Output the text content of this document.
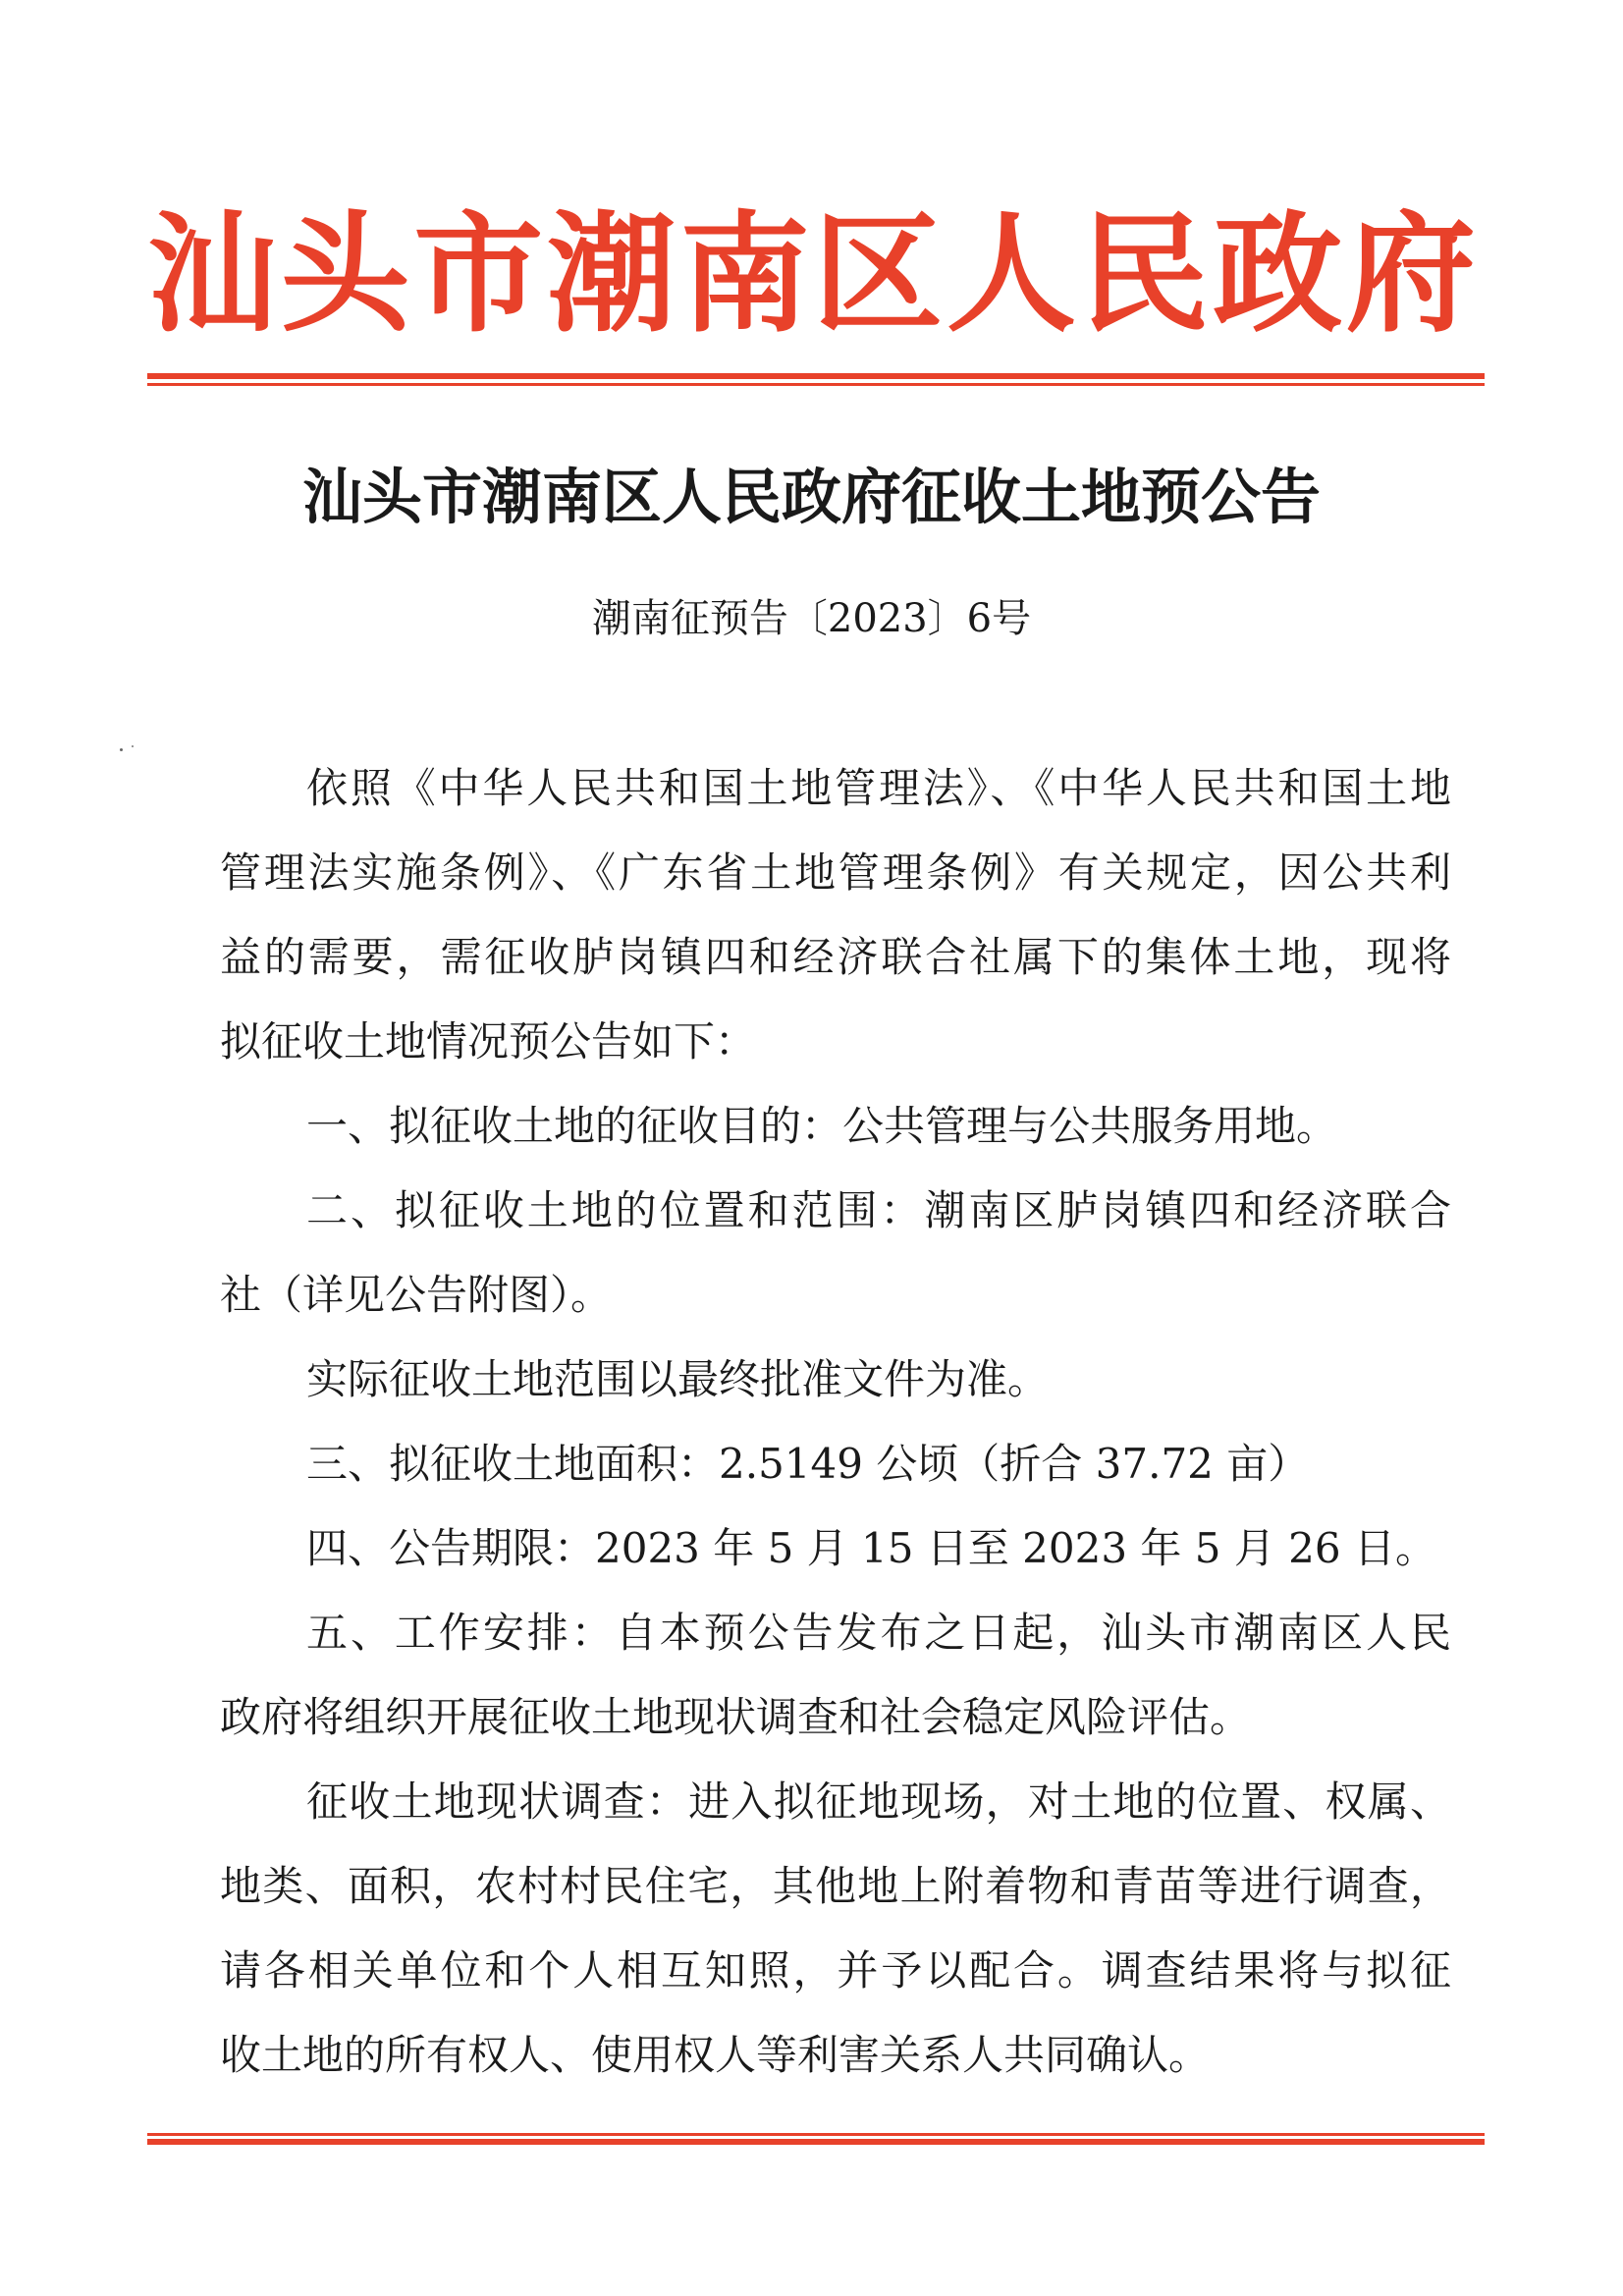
汕 头 市 潮 南 区 人 民 政 府
汕头市潮南区人民政府征收土地预公告
潮南征预告〔2023〕6号
依照《中华人民共和国土地管理法》、《中华人民共和国土地
管理法实施条例》、《广东省土地管理条例》有关规定，因公共利
益的需要，需征收胪岗镇四和经济联合社属下的集体土地，现将
拟征收土地情况预公告如下：
一、拟征收土地的征收目的：公共管理与公共服务用地。
二、拟征收土地的位置和范围：潮南区胪岗镇四和经济联合
社（详见公告附图）。
实际征收土地范围以最终批准文件为准。
三、拟征收土地面积：2.5149 公顷（折合 37.72 亩）
四、公告期限：2023 年 5 月 15 日至 2023 年 5 月 26 日。
五、工作安排：自本预公告发布之日起，汕头市潮南区人民
政府将组织开展征收土地现状调查和社会稳定风险评估。
征收土地现状调查：进入拟征地现场，对土地的位置、权属、
地类、面积，农村村民住宅，其他地上附着物和青苗等进行调查，
请各相关单位和个人相互知照，并予以配合。调查结果将与拟征
收土地的所有权人、使用权人等利害关系人共同确认。
